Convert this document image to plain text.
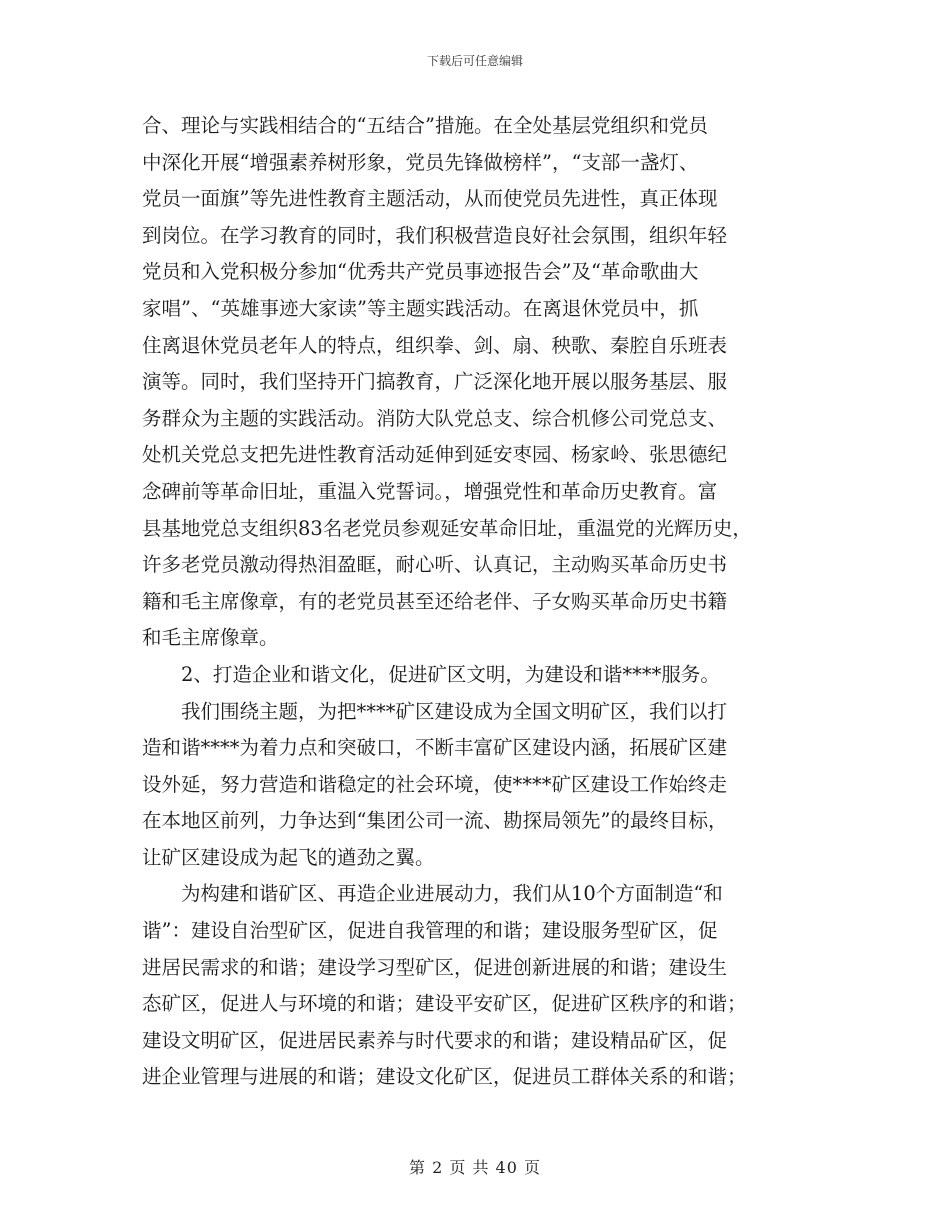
下载后可任意编辑
合、理论与实践相结合的“五结合”措施。在全处基层党组织和党员
中深化开展“增强素养树形象，党员先锋做榜样”，“支部一盏灯、
党员一面旗”等先进性教育主题活动，从而使党员先进性，真正体现
到岗位。在学习教育的同时，我们积极营造良好社会氛围，组织年轻
党员和入党积极分参加“优秀共产党员事迹报告会”及“革命歌曲大
家唱”、“英雄事迹大家读”等主题实践活动。在离退休党员中，抓
住离退休党员老年人的特点，组织拳、剑、扇、秧歌、秦腔自乐班表
演等。同时，我们坚持开门搞教育，广泛深化地开展以服务基层、服
务群众为主题的实践活动。消防大队党总支、综合机修公司党总支、
处机关党总支把先进性教育活动延伸到延安枣园、杨家岭、张思德纪
念碑前等革命旧址，重温入党誓词。，增强党性和革命历史教育。富
县基地党总支组织83名老党员参观延安革命旧址，重温党的光辉历史，
许多老党员激动得热泪盈眶，耐心听、认真记，主动购买革命历史书
籍和毛主席像章，有的老党员甚至还给老伴、子女购买革命历史书籍
和毛主席像章。
　　2、打造企业和谐文化，促进矿区文明，为建设和谐****服务。
　　我们围绕主题，为把****矿区建设成为全国文明矿区，我们以打
造和谐****为着力点和突破口，不断丰富矿区建设内涵，拓展矿区建
设外延，努力营造和谐稳定的社会环境，使****矿区建设工作始终走
在本地区前列，力争达到“集团公司一流、勘探局领先”的最终目标，
让矿区建设成为起飞的遒劲之翼。
　　为构建和谐矿区、再造企业进展动力，我们从10个方面制造“和
谐”：建设自治型矿区，促进自我管理的和谐；建设服务型矿区，促
进居民需求的和谐；建设学习型矿区，促进创新进展的和谐；建设生
态矿区，促进人与环境的和谐；建设平安矿区，促进矿区秩序的和谐；
建设文明矿区，促进居民素养与时代要求的和谐；建设精品矿区，促
进企业管理与进展的和谐；建设文化矿区，促进员工群体关系的和谐；
第 2 页 共 40 页
